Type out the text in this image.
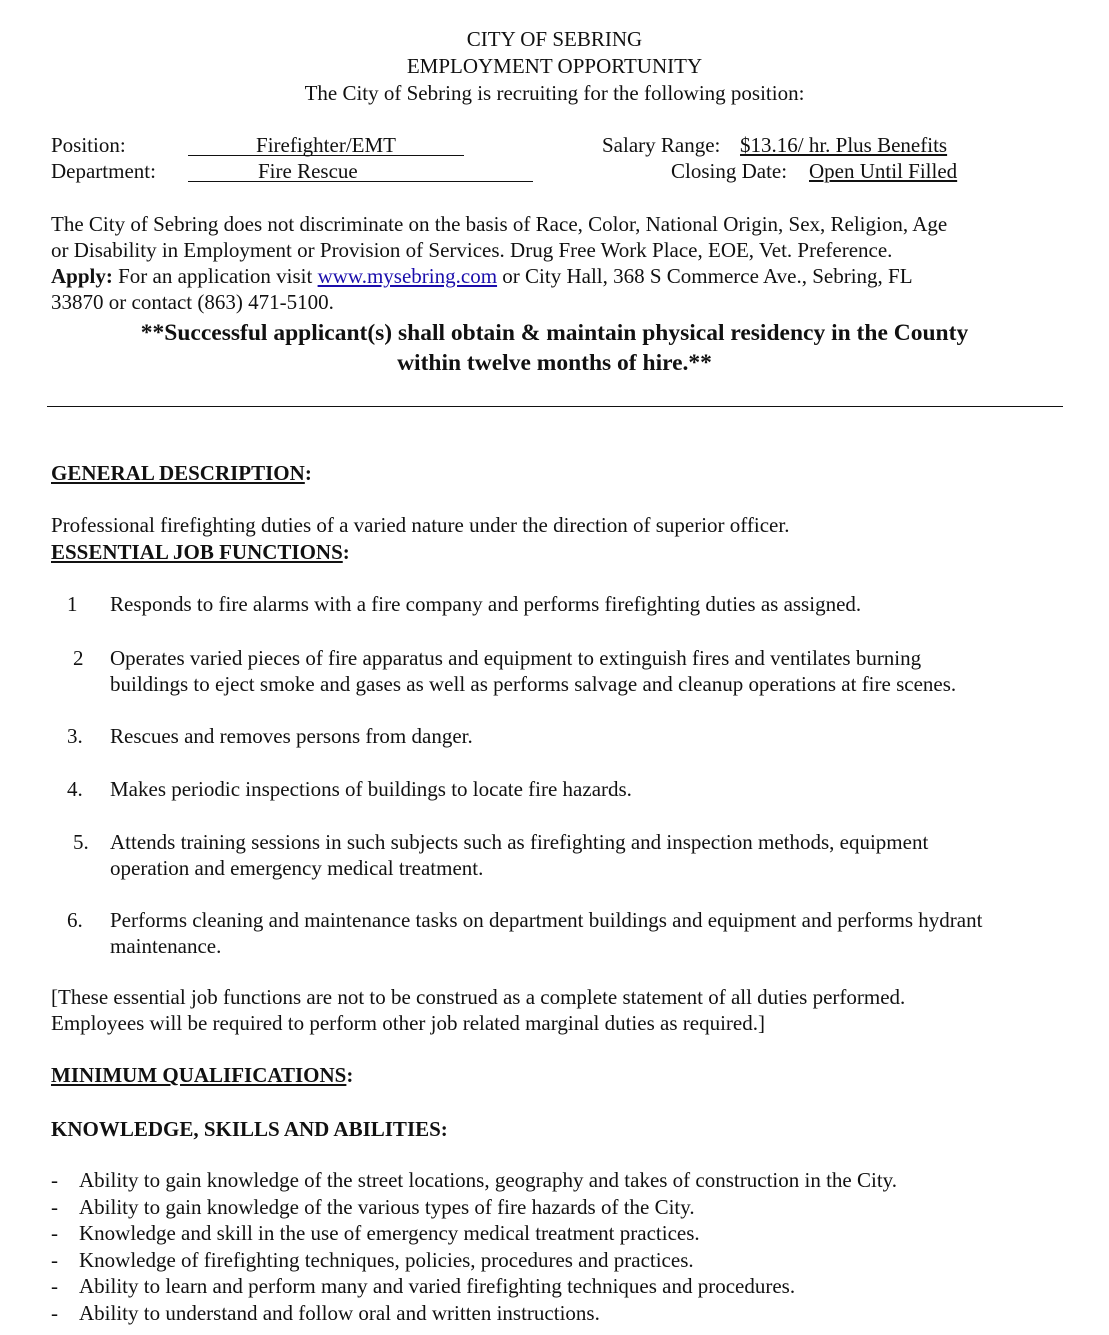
CITY OF SEBRING
EMPLOYMENT OPPORTUNITY
The City of Sebring is recruiting for the following position:
Position:	Firefighter/EMT
Department:	Fire Rescue
Salary Range: $13.16/ hr. Plus Benefits
Closing Date: Open Until Filled
The City of Sebring does not discriminate on the basis of Race, Color, National Origin, Sex, Religion, Age
or Disability in Employment or Provision of Services. Drug Free Work Place, EOE, Vet. Preference.
Apply: For an application visit www.mysebring.com or City Hall, 368 S Commerce Ave., Sebring, FL
33870 or contact (863) 471-5100.
**Successful applicant(s) shall obtain & maintain physical residency in the County
within twelve months of hire.**
GENERAL DESCRIPTION:
Professional firefighting duties of a varied nature under the direction of superior officer.
ESSENTIAL JOB FUNCTIONS:
1 Responds to fire alarms with a fire company and performs firefighting duties as assigned.
2 Operates varied pieces of fire apparatus and equipment to extinguish fires and ventilates burning
buildings to eject smoke and gases as well as performs salvage and cleanup operations at fire scenes.
3. Rescues and removes persons from danger.
4. Makes periodic inspections of buildings to locate fire hazards.
5. Attends training sessions in such subjects such as firefighting and inspection methods, equipment
operation and emergency medical treatment.
6. Performs cleaning and maintenance tasks on department buildings and equipment and performs hydrant
maintenance.
[These essential job functions are not to be construed as a complete statement of all duties performed.
Employees will be required to perform other job related marginal duties as required.]
MINIMUM QUALIFICATIONS:
KNOWLEDGE, SKILLS AND ABILITIES:
- Ability to gain knowledge of the street locations, geography and takes of construction in the City.
- Ability to gain knowledge of the various types of fire hazards of the City.
- Knowledge and skill in the use of emergency medical treatment practices.
- Knowledge of firefighting techniques, policies, procedures and practices.
- Ability to learn and perform many and varied firefighting techniques and procedures.
- Ability to understand and follow oral and written instructions.
